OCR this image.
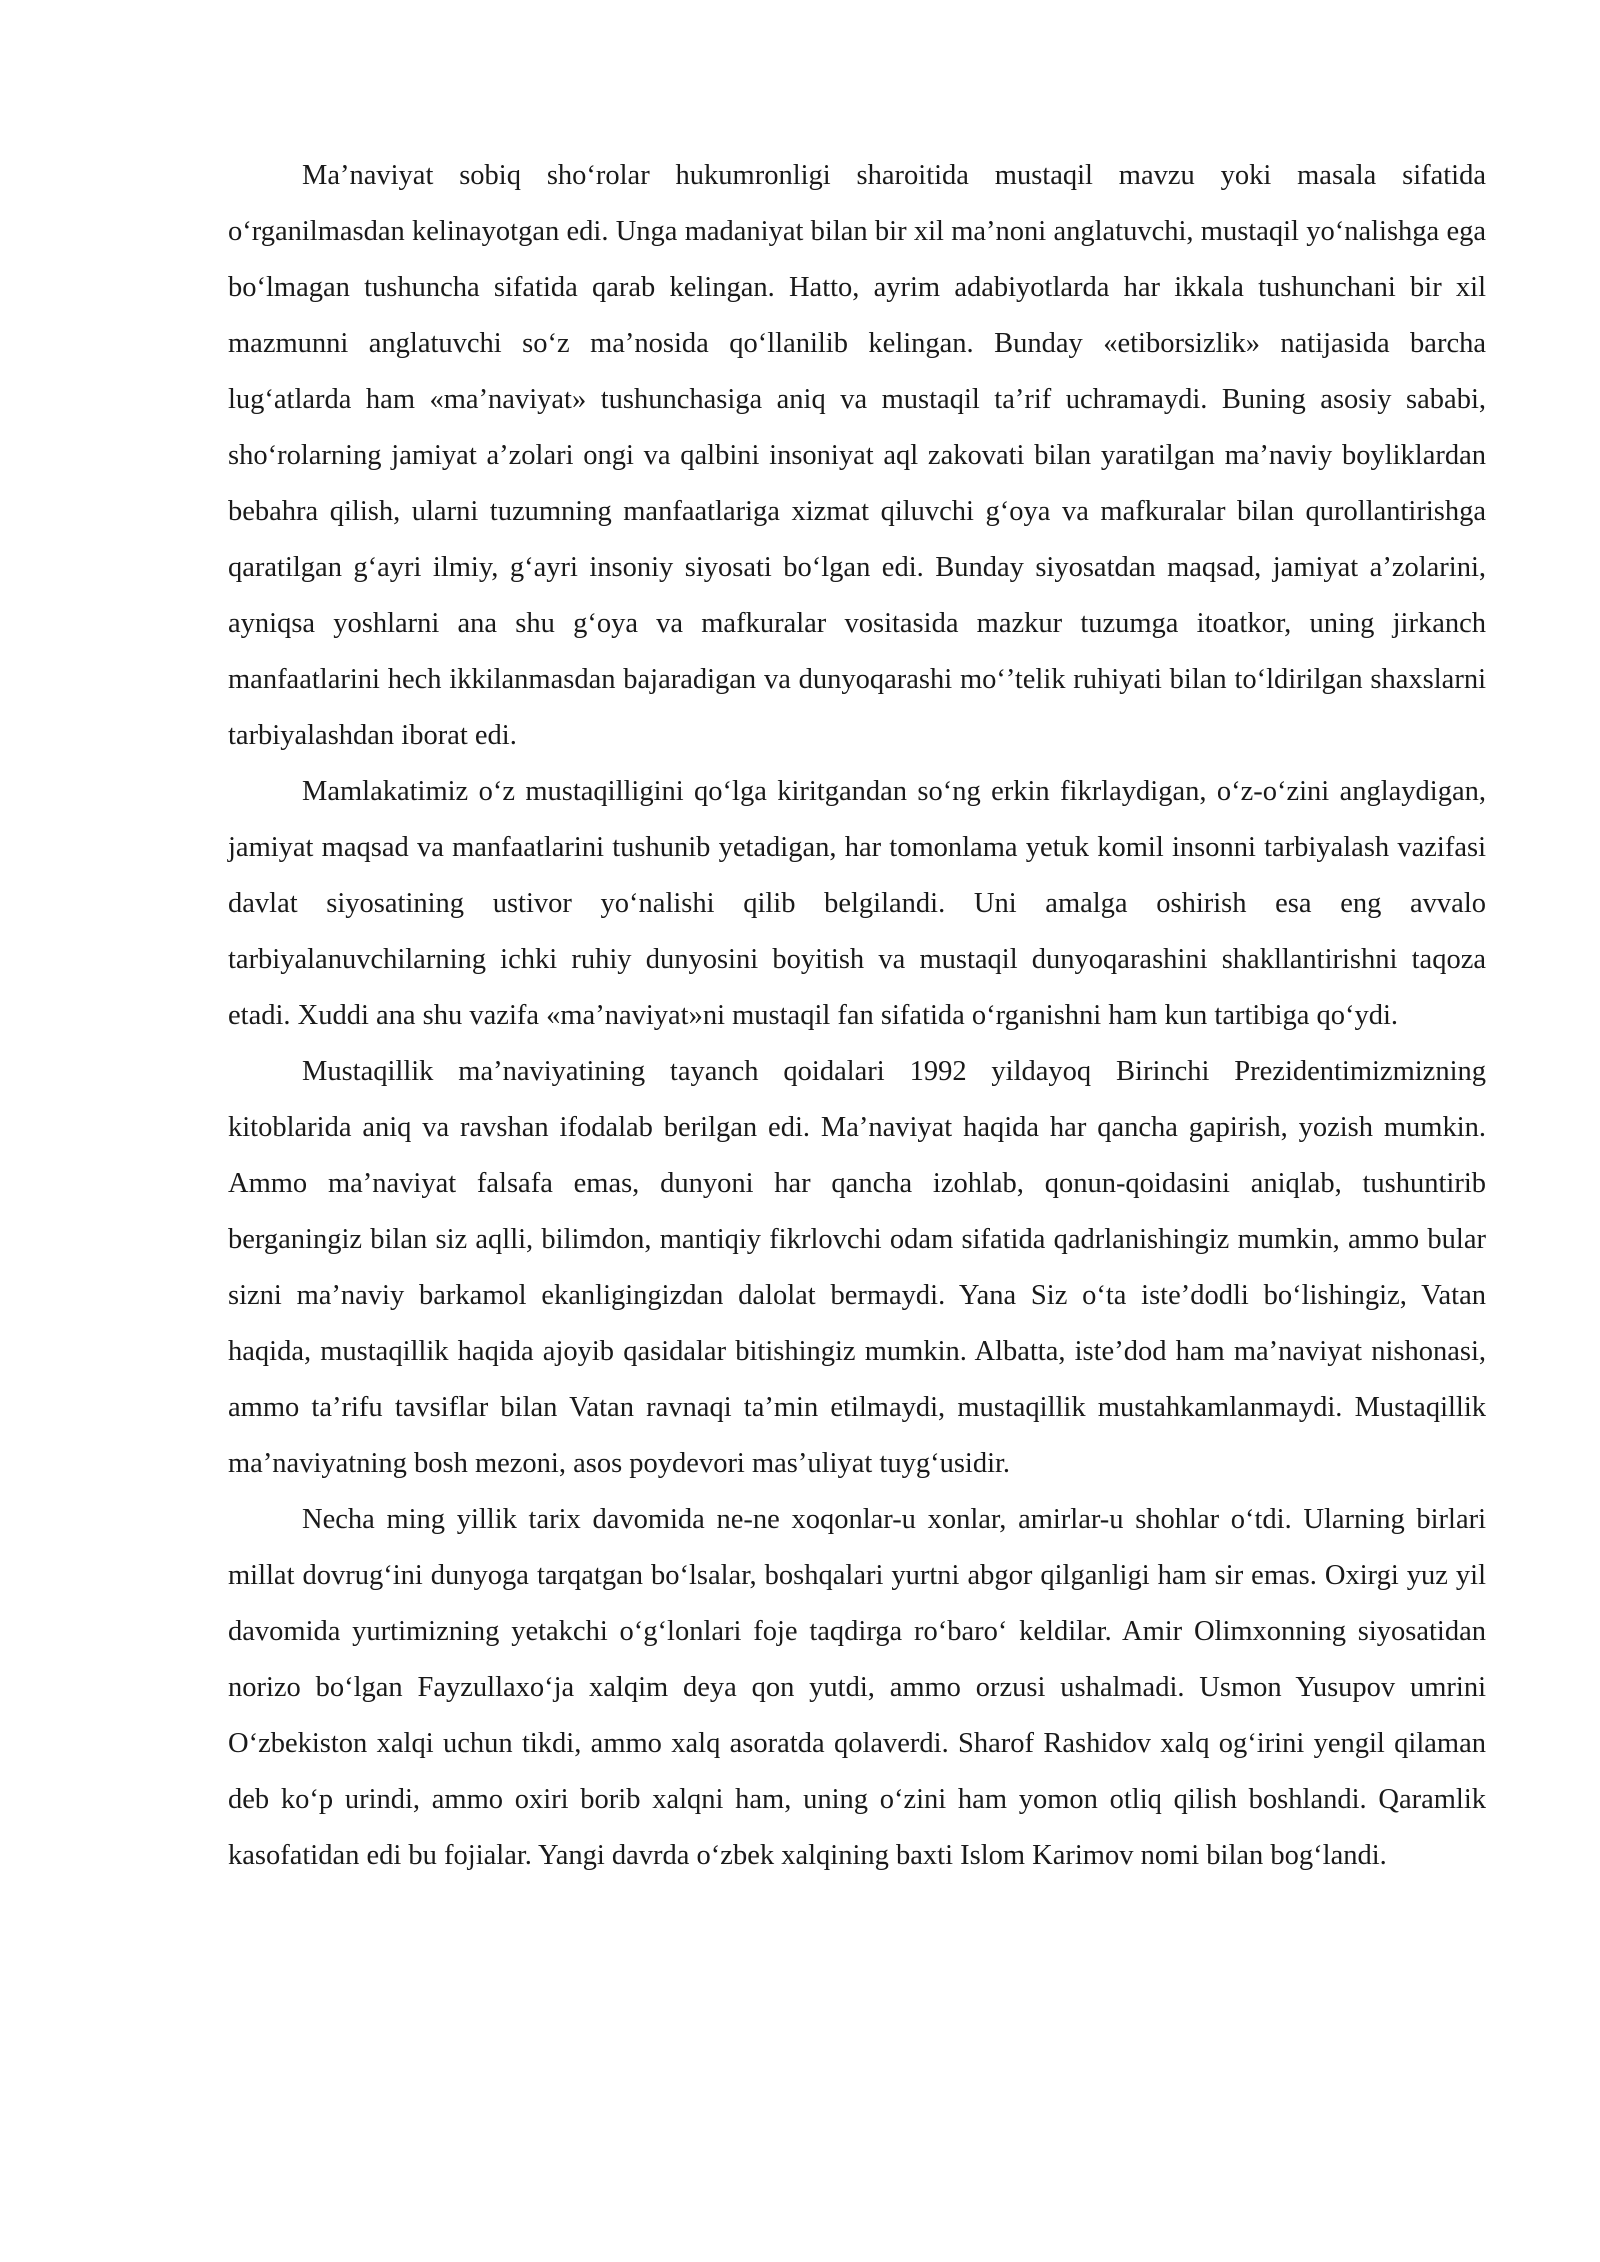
Ma’naviyat sobiq sho‘rolar hukumronligi sharoitida mustaqil mavzu yoki masala sifatida o‘rganilmasdan kelinayotgan edi. Unga madaniyat bilan bir xil ma’noni anglatuvchi, mustaqil yo‘nalishga ega bo‘lmagan tushuncha sifatida qarab kelingan. Hatto, ayrim adabiyotlarda har ikkala tushunchani bir xil mazmunni anglatuvchi so‘z ma’nosida qo‘llanilib kelingan. Bunday «etiborsizlik» natijasida barcha lug‘atlarda ham «ma’naviyat» tushunchasiga aniq va mustaqil ta’rif uchramaydi. Buning asosiy sababi, sho‘rolarning jamiyat a’zolari ongi va qalbini insoniyat aql zakovati bilan yaratilgan ma’naviy boyliklardan bebahra qilish, ularni tuzumning manfaatlariga xizmat qiluvchi g‘oya va mafkuralar bilan qurollantirishga qaratilgan g‘ayri ilmiy, g‘ayri insoniy siyosati bo‘lgan edi. Bunday siyosatdan maqsad, jamiyat a’zolarini, ayniqsa yoshlarni ana shu g‘oya va mafkuralar vositasida mazkur tuzumga itoatkor, uning jirkanch manfaatlarini hech ikkilanmasdan bajaradigan va dunyoqarashi mo‘’telik ruhiyati bilan to‘ldirilgan shaxslarni tarbiyalashdan iborat edi.

Mamlakatimiz o‘z mustaqilligini qo‘lga kiritgandan so‘ng erkin fikrlaydigan, o‘z-o‘zini anglaydigan, jamiyat maqsad va manfaatlarini tushunib yetadigan, har tomonlama yetuk komil insonni tarbiyalash vazifasi davlat siyosatining ustivor yo‘nalishi qilib belgilandi. Uni amalga oshirish esa eng avvalo tarbiyalanuvchilarning ichki ruhiy dunyosini boyitish va mustaqil dunyoqarashini shakllantirishni taqoza etadi. Xuddi ana shu vazifa «ma’naviyat»ni mustaqil fan sifatida o‘rganishni ham kun tartibiga qo‘ydi.

Mustaqillik ma’naviyatining tayanch qoidalari 1992 yildayoq Birinchi Prezidentimizmizning kitoblarida aniq va ravshan ifodalab berilgan edi. Ma’naviyat haqida har qancha gapirish, yozish mumkin. Ammo ma’naviyat falsafa emas, dunyoni har qancha izohlab, qonun-qoidasini aniqlab, tushuntirib berganingiz bilan siz aqlli, bilimdon, mantiqiy fikrlovchi odam sifatida qadrlanishingiz mumkin, ammo bular sizni ma’naviy barkamol ekanligingizdan dalolat bermaydi. Yana Siz o‘ta iste’dodli bo‘lishingiz, Vatan haqida, mustaqillik haqida ajoyib qasidalar bitishingiz mumkin. Albatta, iste’dod ham ma’naviyat nishonasi, ammo ta’rifu tavsiflar bilan Vatan ravnaqi ta’min etilmaydi, mustaqillik mustahkamlanmaydi. Mustaqillik ma’naviyatning bosh mezoni, asos poydevori mas’uliyat tuyg‘usidir.

Necha ming yillik tarix davomida ne-ne xoqonlar-u xonlar, amirlar-u shohlar o‘tdi. Ularning birlari millat dovrug‘ini dunyoga tarqatgan bo‘lsalar, boshqalari yurtni abgor qilganligi ham sir emas. Oxirgi yuz yil davomida yurtimizning yetakchi o‘g‘lonlari foje taqdirga ro‘baro‘ keldilar. Amir Olimxonning siyosatidan norizo bo‘lgan Fayzullaxo‘ja xalqim deya qon yutdi, ammo orzusi ushalmadi. Usmon Yusupov umrini O‘zbekiston xalqi uchun tikdi, ammo xalq asoratda qolaverdi. Sharof Rashidov xalq og‘irini yengil qilaman deb ko‘p urindi, ammo oxiri borib xalqni ham, uning o‘zini ham yomon otliq qilish boshlandi. Qaramlik kasofatidan edi bu fojialar. Yangi davrda o‘zbek xalqining baxti Islom Karimov nomi bilan bog‘landi.
